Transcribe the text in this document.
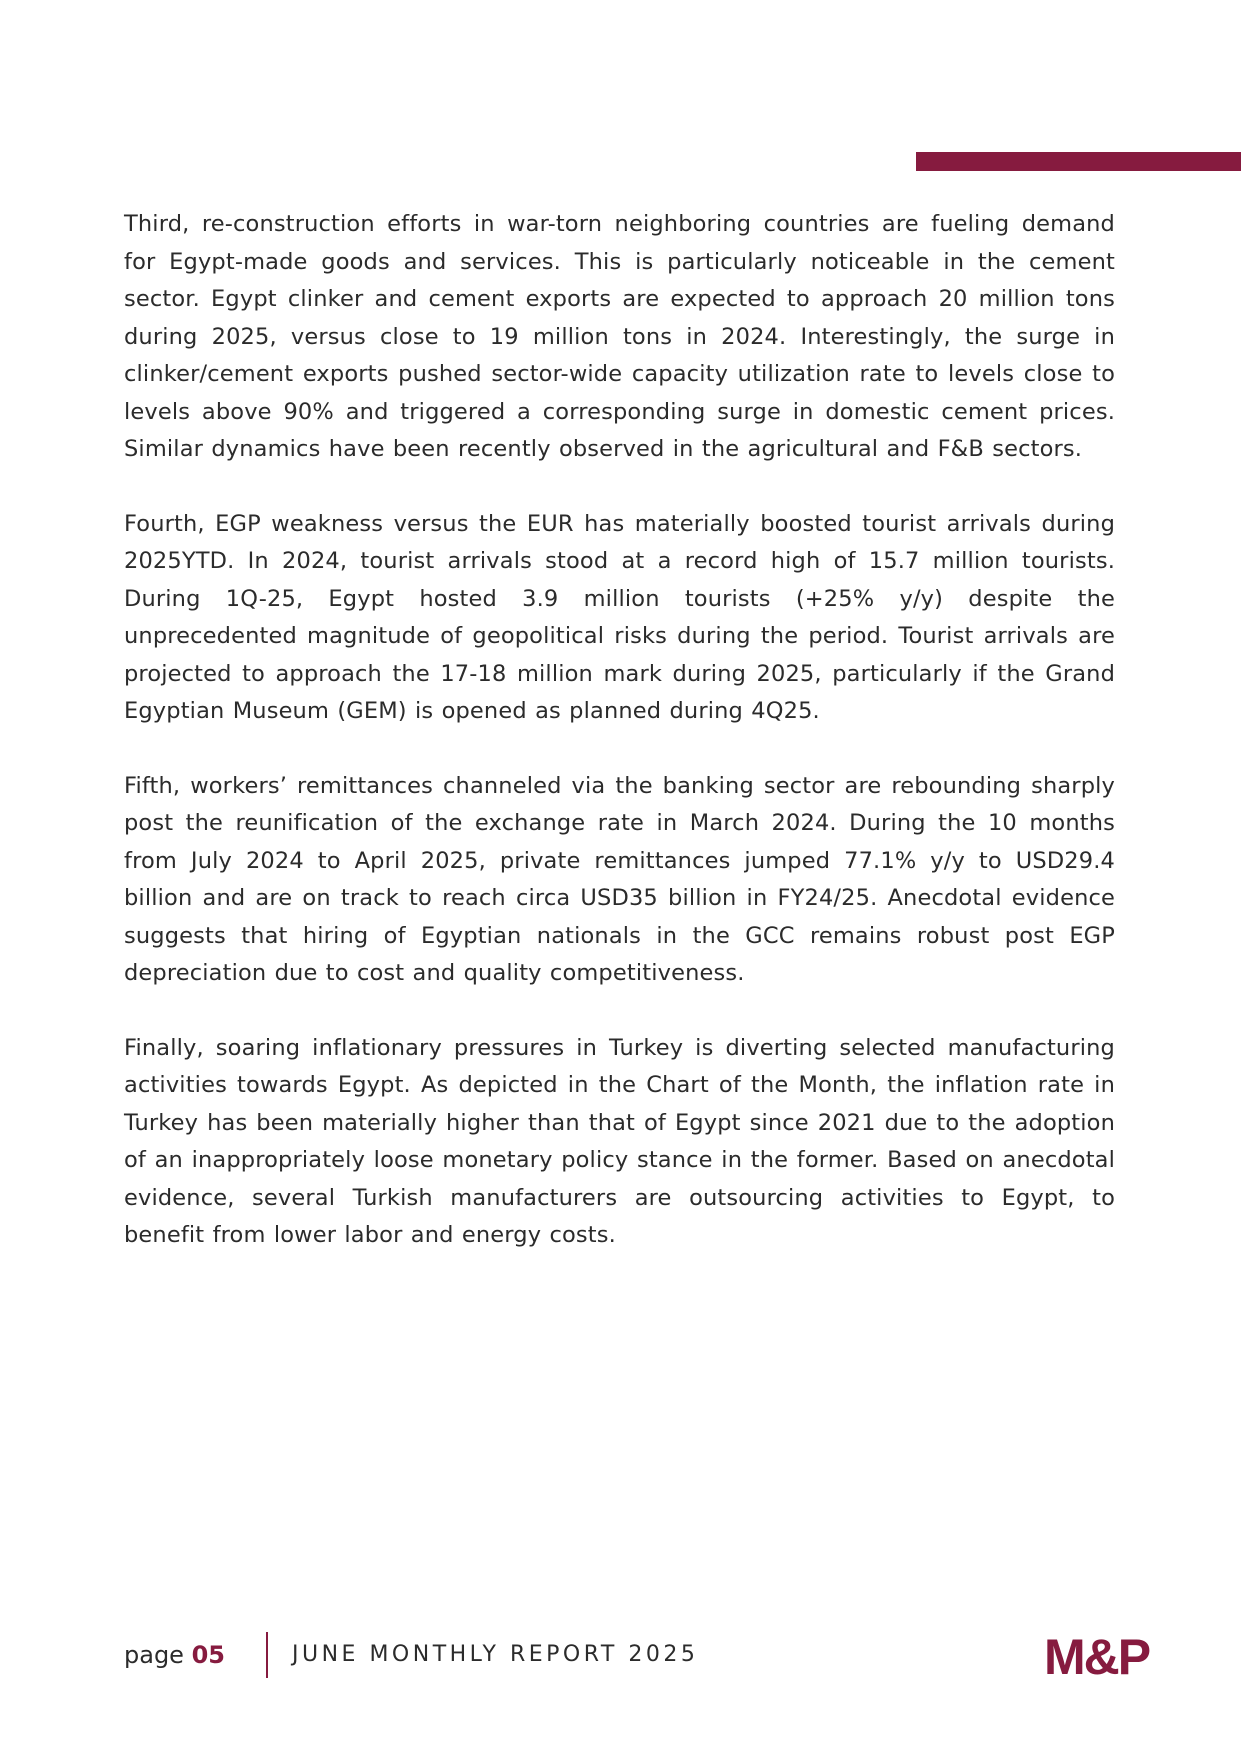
Third, re-construction efforts in war-torn neighboring countries are fueling demand for Egypt-made goods and services. This is particularly noticeable in the cement sector. Egypt clinker and cement exports are expected to approach 20 million tons during 2025, versus close to 19 million tons in 2024. Interestingly, the surge in clinker/cement exports pushed sector-wide capacity utilization rate to levels close to levels above 90% and triggered a corresponding surge in domestic cement prices. Similar dynamics have been recently observed in the agricultural and F&B sectors.

Fourth, EGP weakness versus the EUR has materially boosted tourist arrivals during 2025YTD. In 2024, tourist arrivals stood at a record high of 15.7 million tourists. During 1Q-25, Egypt hosted 3.9 million tourists (+25% y/y) despite the unprecedented magnitude of geopolitical risks during the period. Tourist arrivals are projected to approach the 17-18 million mark during 2025, particularly if the Grand Egyptian Museum (GEM) is opened as planned during 4Q25.

Fifth, workers’ remittances channeled via the banking sector are rebounding sharply post the reunification of the exchange rate in March 2024. During the 10 months from July 2024 to April 2025, private remittances jumped 77.1% y/y to USD29.4 billion and are on track to reach circa USD35 billion in FY24/25. Anecdotal evidence suggests that hiring of Egyptian nationals in the GCC remains robust post EGP depreciation due to cost and quality competitiveness.

Finally, soaring inflationary pressures in Turkey is diverting selected manufacturing activities towards Egypt. As depicted in the Chart of the Month, the inflation rate in Turkey has been materially higher than that of Egypt since 2021 due to the adoption of an inappropriately loose monetary policy stance in the former. Based on anecdotal evidence, several Turkish manufacturers are outsourcing activities to Egypt, to benefit from lower labor and energy costs.

page 05	JUNE MONTHLY REPORT 2025	M&P
